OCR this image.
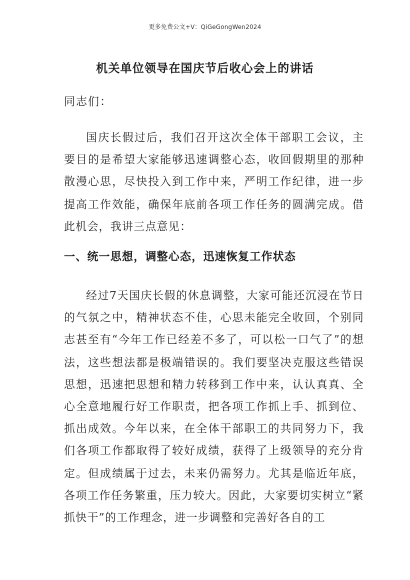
更多免费公文+V：QiGeGongWen2024
机关单位领导在国庆节后收心会上的讲话
同志们：

国庆长假过后，我们召开这次全体干部职工会议，主要目的是希望大家能够迅速调整心态，收回假期里的那种散漫心思，尽快投入到工作中来，严明工作纪律，进一步提高工作效能，确保年底前各项工作任务的圆满完成。借此机会，我讲三点意见：

一、统一思想，调整心态，迅速恢复工作状态

经过7天国庆长假的休息调整，大家可能还沉浸在节日的气氛之中，精神状态不佳，心思未能完全收回，个别同志甚至有“今年工作已经差不多了，可以松一口气了”的想法，这些想法都是极端错误的。我们要坚决克服这些错误思想，迅速把思想和精力转移到工作中来，认认真真、全心全意地履行好工作职责，把各项工作抓上手、抓到位、抓出成效。今年以来，在全体干部职工的共同努力下，我们各项工作都取得了较好成绩，获得了上级领导的充分肯定。但成绩属于过去，未来仍需努力。尤其是临近年底，各项工作任务繁重，压力较大。因此，大家要切实树立“紧抓快干”的工作理念，进一步调整和完善好各自的工
